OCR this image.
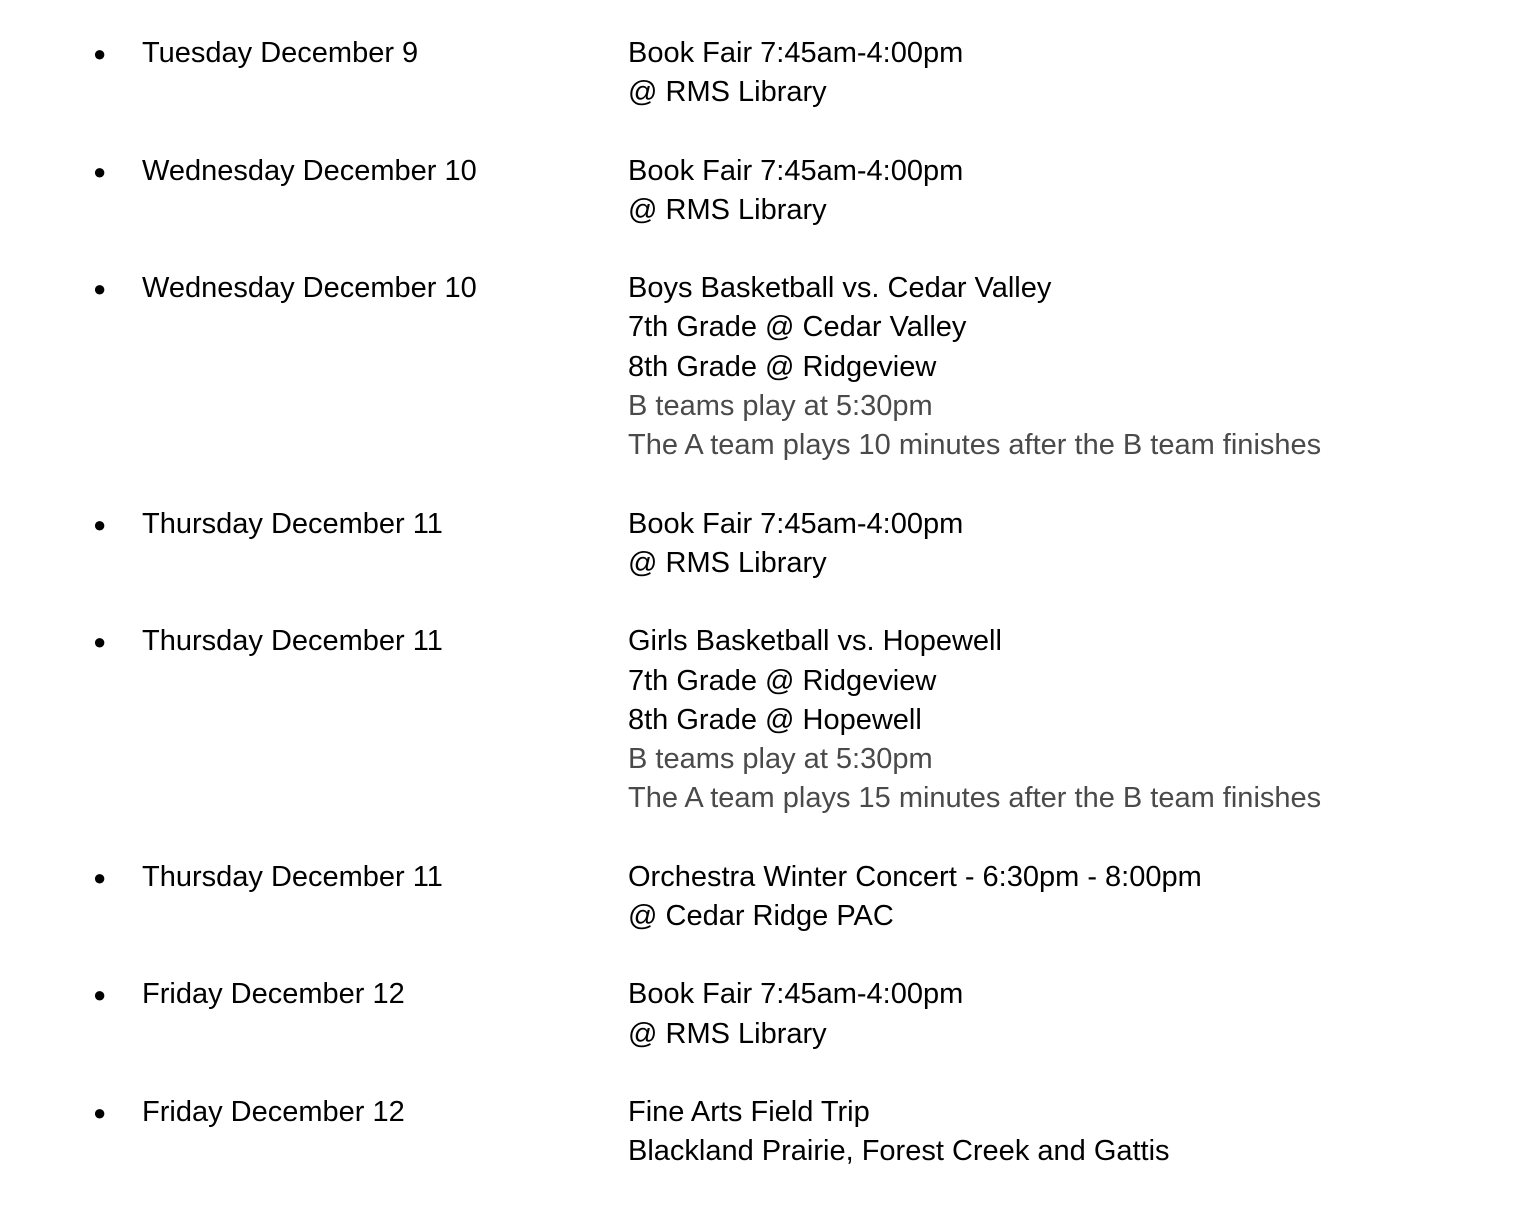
● Tuesday December 9	Book Fair 7:45am-4:00pm
@ RMS Library
● Wednesday December 10	Book Fair 7:45am-4:00pm
@ RMS Library
● Wednesday December 10	Boys Basketball vs. Cedar Valley
7th Grade @ Cedar Valley
8th Grade @ Ridgeview
B teams play at 5:30pm
The A team plays 10 minutes after the B team finishes
● Thursday December 11	Book Fair 7:45am-4:00pm
@ RMS Library
● Thursday December 11	Girls Basketball vs. Hopewell
7th Grade @ Ridgeview
8th Grade @ Hopewell
B teams play at 5:30pm
The A team plays 15 minutes after the B team finishes
● Thursday December 11	Orchestra Winter Concert - 6:30pm - 8:00pm
@ Cedar Ridge PAC
● Friday December 12	Book Fair 7:45am-4:00pm
@ RMS Library
● Friday December 12	Fine Arts Field Trip
Blackland Prairie, Forest Creek and Gattis
